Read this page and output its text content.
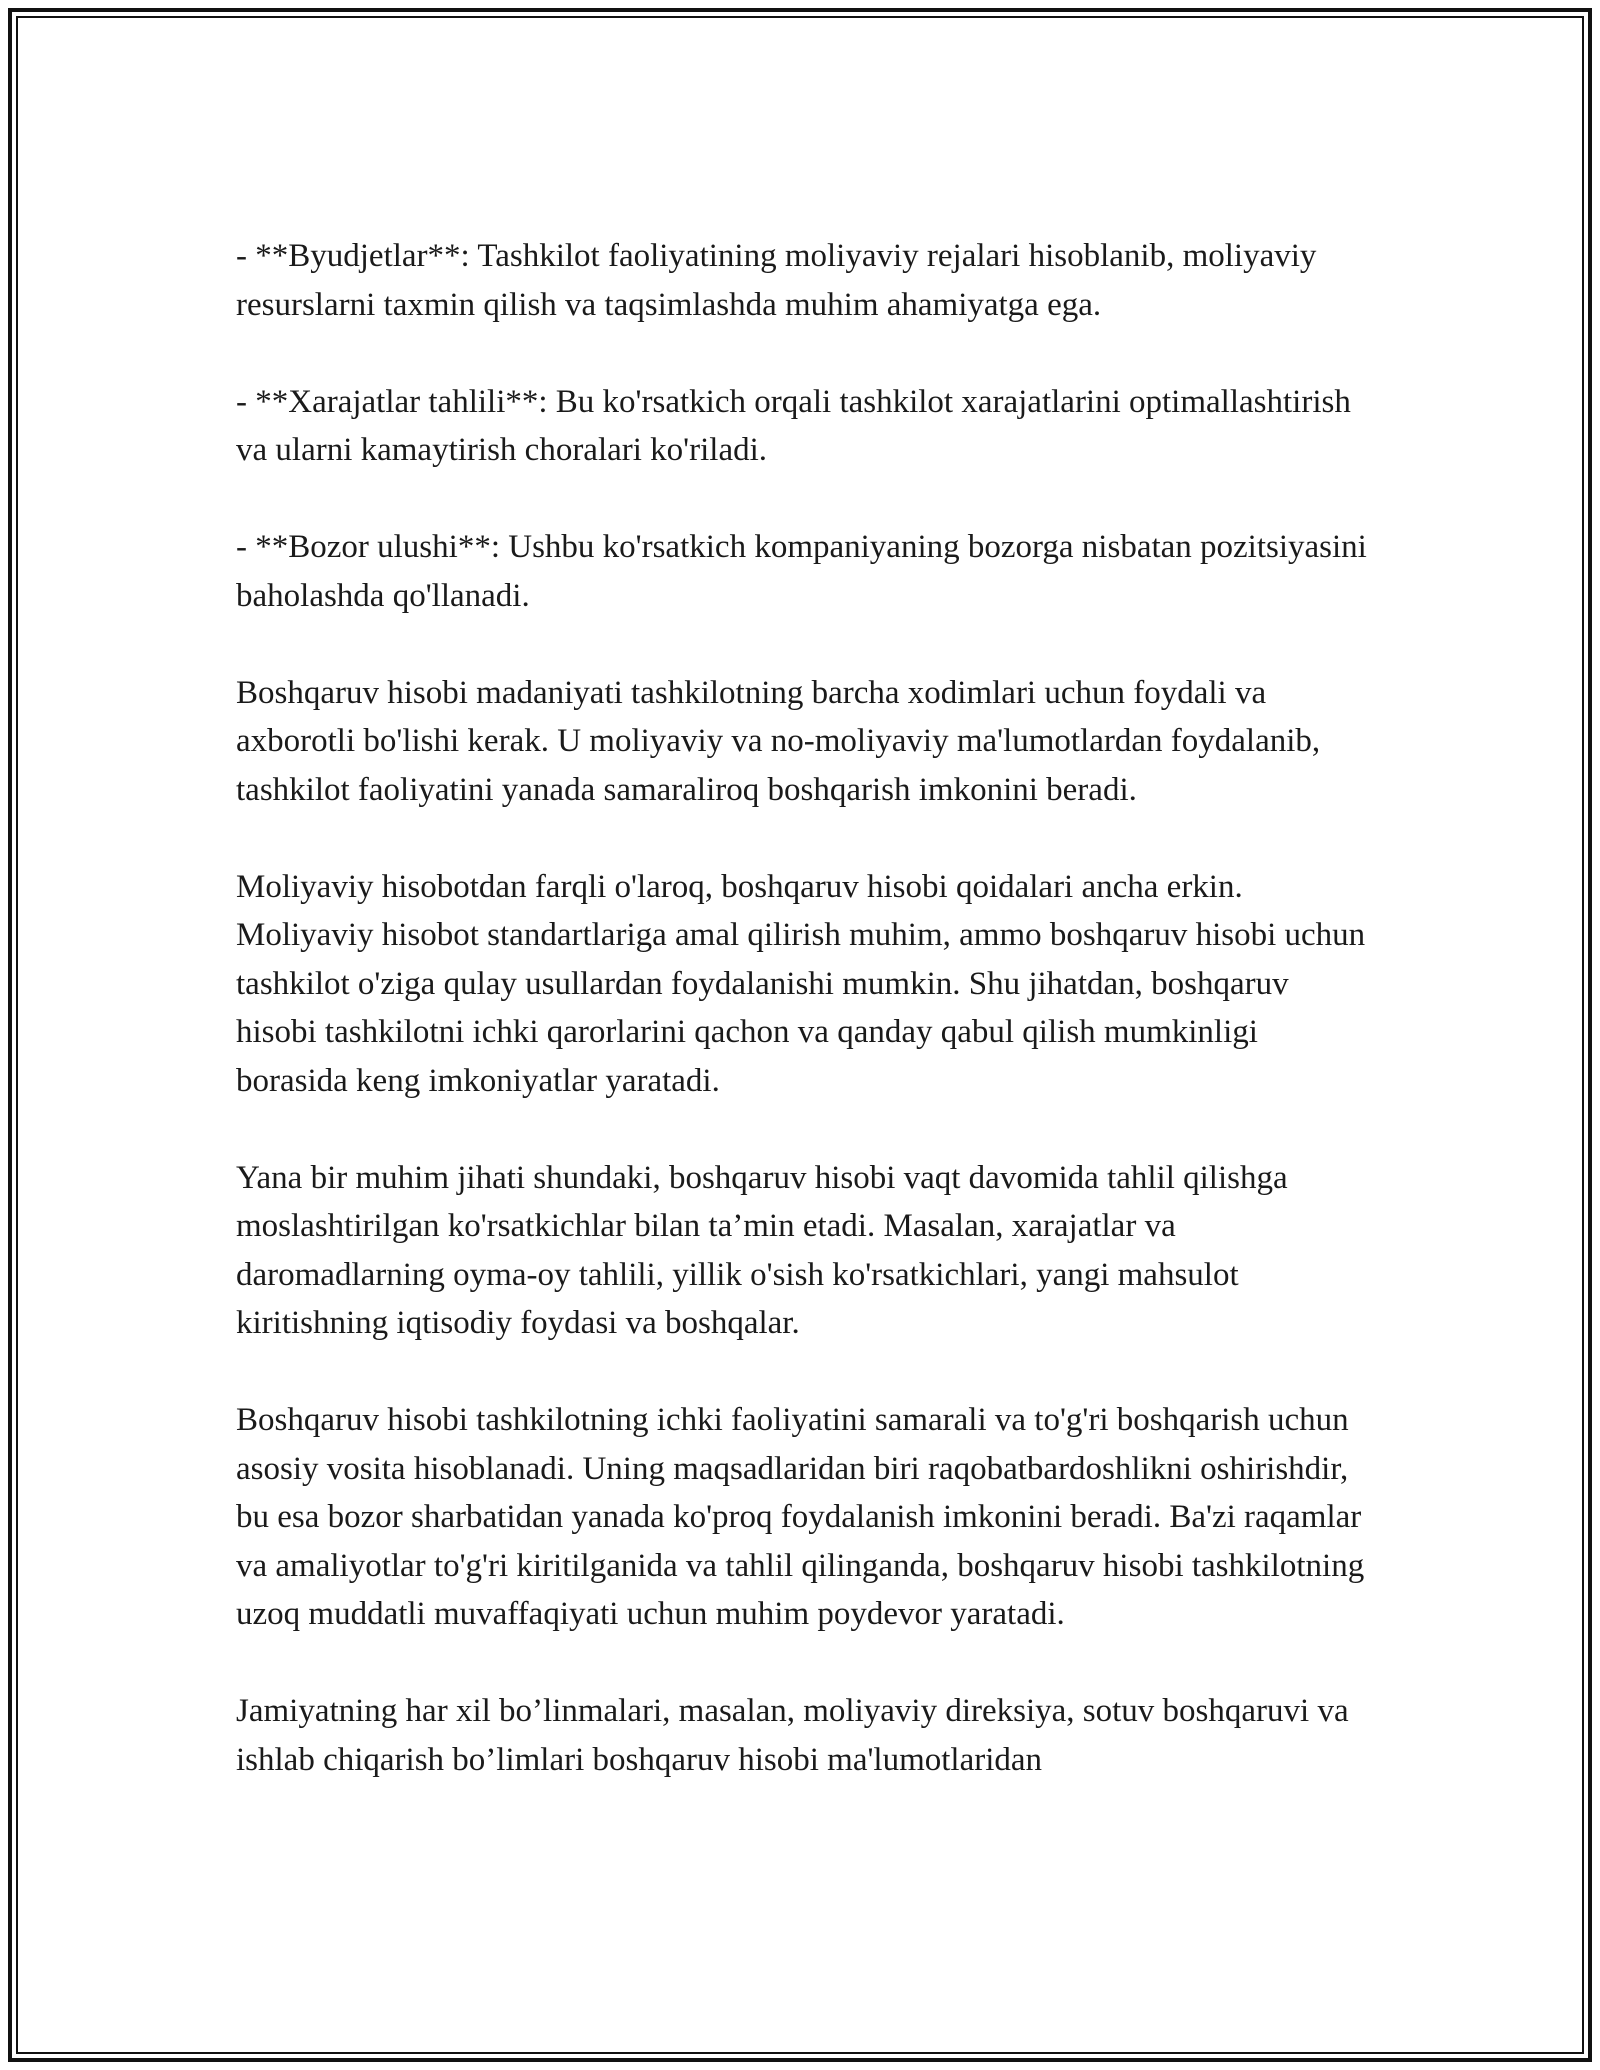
- **Byudjetlar**: Tashkilot faoliyatining moliyaviy rejalari hisoblanib, moliyaviy resurslarni taxmin qilish va taqsimlashda muhim ahamiyatga ega.

- **Xarajatlar tahlili**: Bu ko'rsatkich orqali tashkilot xarajatlarini optimallashtirish va ularni kamaytirish choralari ko'riladi.

- **Bozor ulushi**: Ushbu ko'rsatkich kompaniyaning bozorga nisbatan pozitsiyasini baholashda qo'llanadi.

Boshqaruv hisobi madaniyati tashkilotning barcha xodimlari uchun foydali va axborotli bo'lishi kerak. U moliyaviy va no-moliyaviy ma'lumotlardan foydalanib, tashkilot faoliyatini yanada samaraliroq boshqarish imkonini beradi.

Moliyaviy hisobotdan farqli o'laroq, boshqaruv hisobi qoidalari ancha erkin. Moliyaviy hisobot standartlariga amal qilirish muhim, ammo boshqaruv hisobi uchun tashkilot o'ziga qulay usullardan foydalanishi mumkin. Shu jihatdan, boshqaruv hisobi tashkilotni ichki qarorlarini qachon va qanday qabul qilish mumkinligi borasida keng imkoniyatlar yaratadi.

Yana bir muhim jihati shundaki, boshqaruv hisobi vaqt davomida tahlil qilishga moslashtirilgan ko'rsatkichlar bilan ta’min etadi. Masalan, xarajatlar va daromadlarning oyma-oy tahlili, yillik o'sish ko'rsatkichlari, yangi mahsulot kiritishning iqtisodiy foydasi va boshqalar.

Boshqaruv hisobi tashkilotning ichki faoliyatini samarali va to'g'ri boshqarish uchun asosiy vosita hisoblanadi. Uning maqsadlaridan biri raqobatbardoshlikni oshirishdir, bu esa bozor sharbatidan yanada ko'proq foydalanish imkonini beradi. Ba'zi raqamlar va amaliyotlar to'g'ri kiritilganida va tahlil qilinganda, boshqaruv hisobi tashkilotning uzoq muddatli muvaffaqiyati uchun muhim poydevor yaratadi.

Jamiyatning har xil bo’linmalari, masalan, moliyaviy direksiya, sotuv boshqaruvi va ishlab chiqarish bo’limlari boshqaruv hisobi ma'lumotlaridan
